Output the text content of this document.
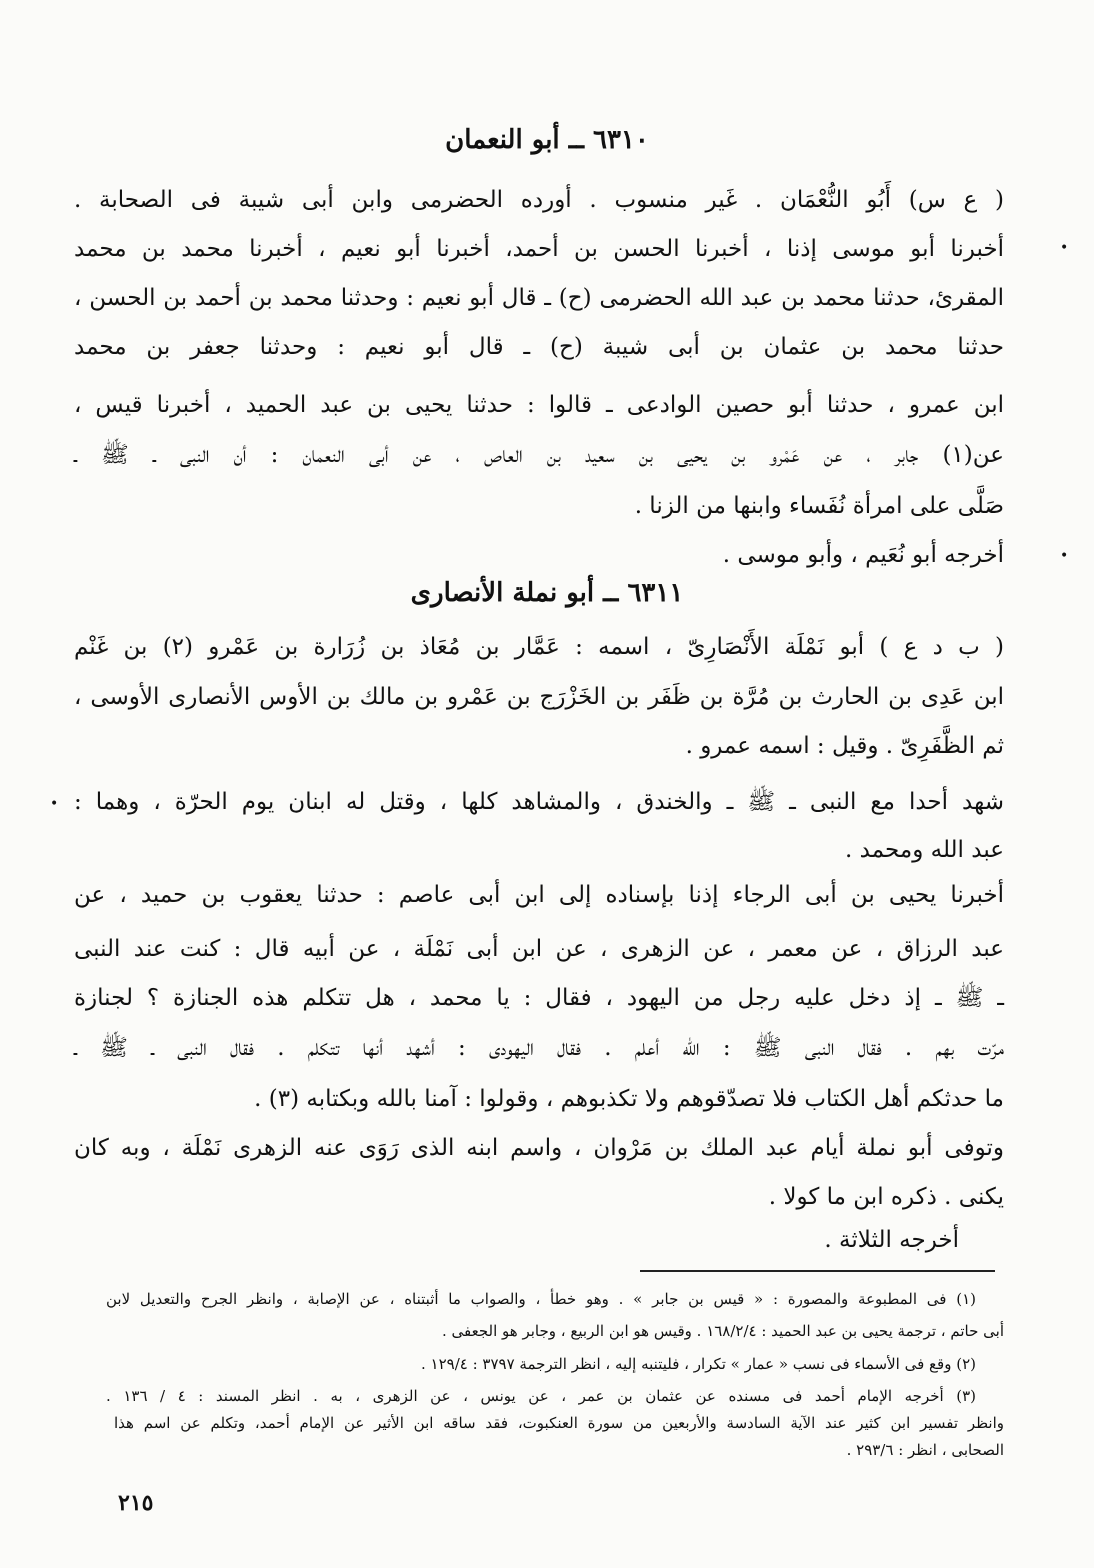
٦٣١٠ ــ أبو النعمان
( ع س) أَبُو النُّعْمَان . غَير منسوب . أورده الحضرمى وابن أبى شيبة فى الصحابة .
أخبرنا أبو موسى إذنا ، أخبرنا الحسن بن أحمد، أخبرنا أبو نعيم ، أخبرنا محمد بن محمد
المقرئ، حدثنا محمد بن عبد الله الحضرمى (ح) ـ قال أبو نعيم : وحدثنا محمد بن أحمد بن الحسن ،
حدثنا محمد بن عثمان بن أبى شيبة (ح) ـ قال أبو نعيم : وحدثنا جعفر بن محمد
ابن عمرو ، حدثنا أبو حصين الوادعى ـ قالوا : حدثنا يحيى بن عبد الحميد ، أخبرنا قيس ،
عن(١) جابر ، عن عَمْرو بن يحيى بن سعيد بن العاص ، عن أبى النعمان : أن النبى ـ ﷺ ـ
صَلَّى على امرأة نُفَساء وابنها من الزنا .
أخرجه أبو نُعَيم ، وأبو موسى .
٦٣١١ ــ أبو نملة الأنصارى
( ب د ع ) أبو نَمْلَة الأَنْصَارِىّ ، اسمه : عَمَّار بن مُعَاذ بن زُرَارة بن عَمْرو (٢) بن غَنْم
ابن عَدِى بن الحارث بن مُرَّة بن ظَفَر بن الخَزْرَج بن عَمْرو بن مالك بن الأوس الأنصارى الأوسى ،
ثم الظَّفَرِىّ . وقيل : اسمه عمرو .
شهد أحدا مع النبى ـ ﷺ ـ والخندق ، والمشاهد كلها ، وقتل له ابنان يوم الحرّة ، وهما :
عبد الله ومحمد .
أخبرنا يحيى بن أبى الرجاء إذنا بإسناده إلى ابن أبى عاصم : حدثنا يعقوب بن حميد ، عن
عبد الرزاق ، عن معمر ، عن الزهرى ، عن ابن أبى نَمْلَة ، عن أبيه قال : كنت عند النبى
ـ ﷺ ـ إذ دخل عليه رجل من اليهود ، فقال : يا محمد ، هل تتكلم هذه الجنازة ؟ لجنازة
مرّت بهم . فقال النبى ﷺ : الله أعلم . فقال اليهودى : أشهد أنها تتكلم . فقال النبى ـ ﷺ ـ
ما حدثكم أهل الكتاب فلا تصدّقوهم ولا تكذبوهم ، وقولوا : آمنا بالله وبكتابه (٣) .
وتوفى أبو نملة أيام عبد الملك بن مَرْوان ، واسم ابنه الذى رَوَى عنه الزهرى نَمْلَة ، وبه كان
يكنى . ذكره ابن ما كولا .
أخرجه الثلاثة .
(١) فى المطبوعة والمصورة : « قيس بن جابر » . وهو خطأ ، والصواب ما أثبتناه ، عن الإصابة ، وانظر الجرح والتعديل لابن
أبى حاتم ، ترجمة يحيى بن عبد الحميد : ١٦٨/٢/٤ . وقيس هو ابن الربيع ، وجابر هو الجعفى .
(٢) وقع فى الأسماء فى نسب « عمار » تكرار ، فليتنبه إليه ، انظر الترجمة ٣٧٩٧ : ١٢٩/٤ .
(٣) أخرجه الإمام أحمد فى مسنده عن عثمان بن عمر ، عن يونس ، عن الزهرى ، به . انظر المسند : ٤ / ١٣٦ .
وانظر تفسير ابن كثير عند الآية السادسة والأربعين من سورة العنكبوت، فقد ساقه ابن الأثير عن الإمام أحمد، وتكلم عن اسم هذا
الصحابى ، انظر : ٢٩٣/٦ .
٢١٥
•
•
•
